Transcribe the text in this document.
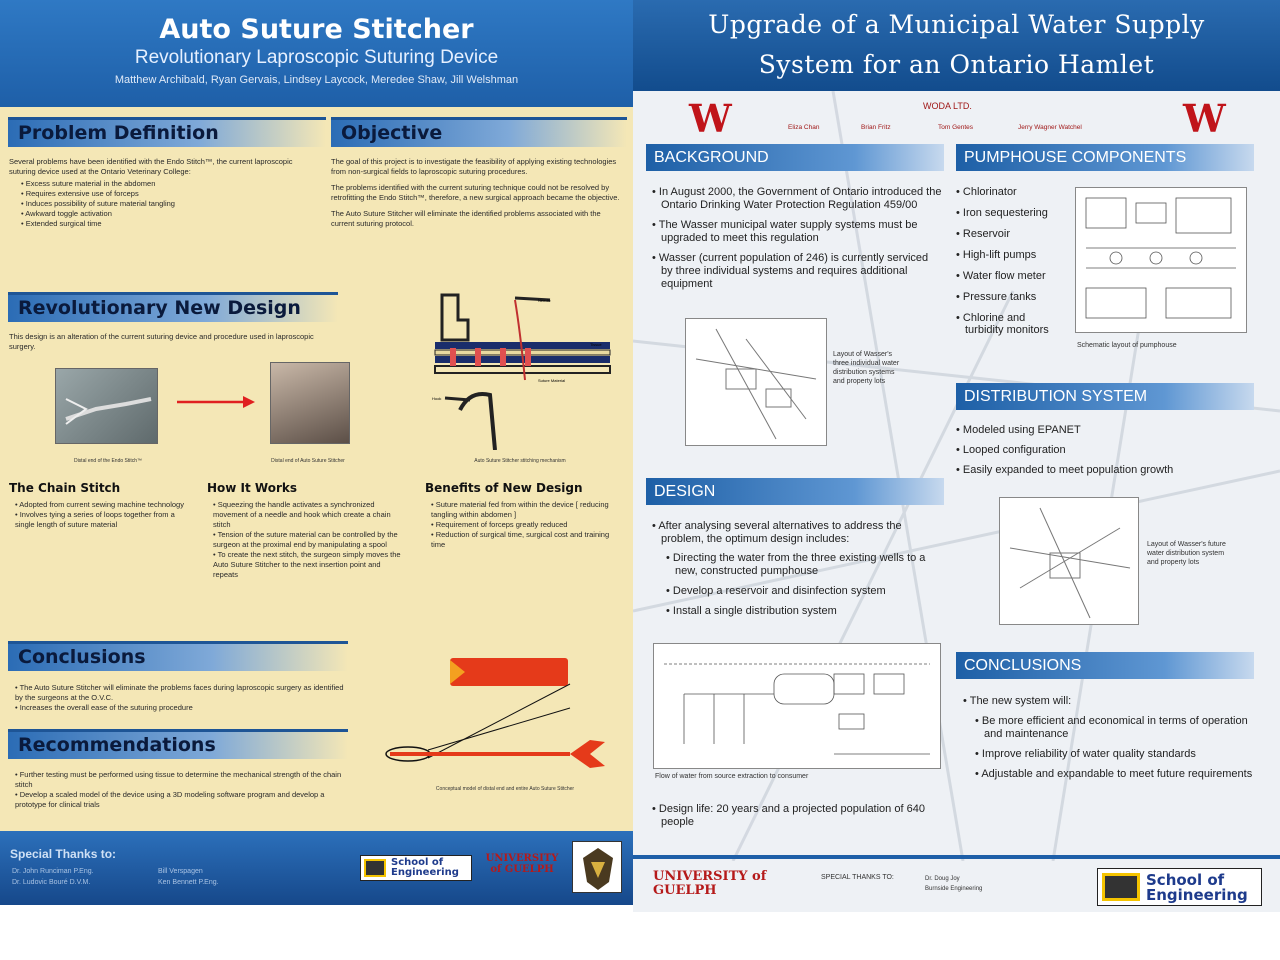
Auto Suture Stitcher
Revolutionary Laproscopic Suturing Device
Matthew Archibald, Ryan Gervais, Lindsey Laycock, Meredee Shaw, Jill Welshman
Problem Definition
Several problems have been identified with the Endo Stitch™, the current laproscopic suturing device used at the Ontario Veterinary College:
• Excess suture material in the abdomen
• Requires extensive use of forceps
• Induces possibility of suture material tangling
• Awkward toggle activation
• Extended surgical time
Objective
The goal of this project is to investigate the feasibility of applying existing technologies from non-surgical fields to laproscopic suturing procedures.
The problems identified with the current suturing technique could not be resolved by retrofitting the Endo Stitch™, therefore, a new surgical approach became the objective.
The Auto Suture Stitcher will eliminate the identified problems associated with the current suturing protocol.
Revolutionary New Design
This design is an alteration of the current suturing device and procedure used in laproscopic surgery.
Distal end of the Endo Stitch™	Distal end of Auto Suture Stitcher	Auto Suture Stitcher stitching mechanism
Needle
Tissue
Suture Material
Hook
The Chain Stitch
• Adopted from current sewing machine technology
• Involves tying a series of loops together from a single length of suture material
How It Works
• Squeezing the handle activates a synchronized movement of a needle and hook which create a chain stitch
• Tension of the suture material can be controlled by the surgeon at the proximal end by manipulating a spool
• To create the next stitch, the surgeon simply moves the Auto Suture Stitcher to the next insertion point and repeats
Benefits of New Design
• Suture material fed from within the device [ reducing tangling within abdomen ]
• Requirement of forceps greatly reduced
• Reduction of surgical time, surgical cost and training time
Conclusions
• The Auto Suture Stitcher will eliminate the problems faces during laproscopic surgery as identified by the surgeons at the O.V.C.
• Increases the overall ease of the suturing procedure
Recommendations
• Further testing must be performed using tissue to determine the mechanical strength of the chain stitch
• Develop a scaled model of the device using a 3D modeling software program and develop a prototype for clinical trials
Conceptual model of distal end and entire Auto Suture Stitcher
Special Thanks to:
Dr. John Runciman P.Eng.
Dr. Ludovic Bouré D.V.M.
Bill Verspagen
Ken Bennett P.Eng.
School of Engineering
UNIVERSITY of GUELPH
Upgrade of a Municipal Water Supply
System for an Ontario Hamlet
W	W
WODA LTD.
Eliza Chan	Brian Fritz	Tom Gentes	Jerry Wagner Watchel
BACKGROUND
• In August 2000, the Government of Ontario introduced the Ontario Drinking Water Protection Regulation 459/00
• The Wasser municipal water supply systems must be upgraded to meet this regulation
• Wasser (current population of 246) is currently serviced by three individual systems and requires additional equipment
Layout of Wasser's three individual water distribution systems and property lots
PUMPHOUSE COMPONENTS
• Chlorinator
• Iron sequestering
• Reservoir
• High-lift pumps
• Water flow meter
• Pressure tanks
• Chlorine and turbidity monitors
Schematic layout of pumphouse
DISTRIBUTION SYSTEM
• Modeled using EPANET
• Looped configuration
• Easily expanded to meet population growth
Layout of Wasser's future water distribution system and property lots
DESIGN
• After analysing several alternatives to address the problem, the optimum design includes:
• Directing the water from the three existing wells to a new, constructed pumphouse
• Develop a reservoir and disinfection system
• Install a single distribution system
Flow of water from source extraction to consumer
• Design life: 20 years and a projected population of 640 people
CONCLUSIONS
• The new system will:
• Be more efficient and economical in terms of operation and maintenance
• Improve reliability of water quality standards
• Adjustable and expandable to meet future requirements
UNIVERSITY of GUELPH
SPECIAL THANKS TO:	Dr. Doug Joy
Burnside Engineering	School of Engineering
